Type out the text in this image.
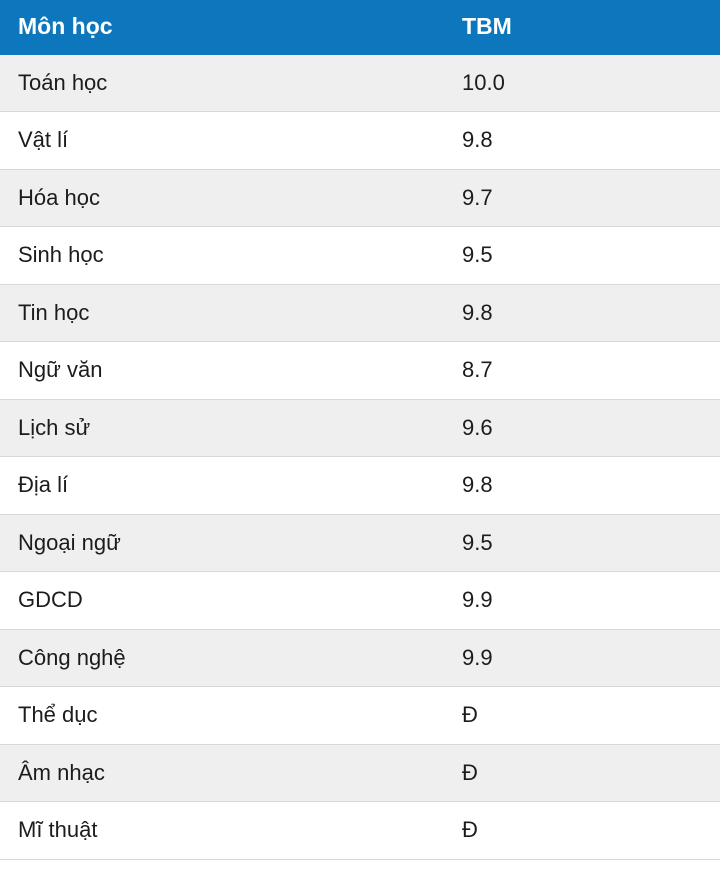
Môn học	TBM
Toán học	10.0
Vật lí	9.8
Hóa học	9.7
Sinh học	9.5
Tin học	9.8
Ngữ văn	8.7
Lịch sử	9.6
Địa lí	9.8
Ngoại ngữ	9.5
GDCD	9.9
Công nghệ	9.9
Thể dục	Đ
Âm nhạc	Đ
Mĩ thuật	Đ
